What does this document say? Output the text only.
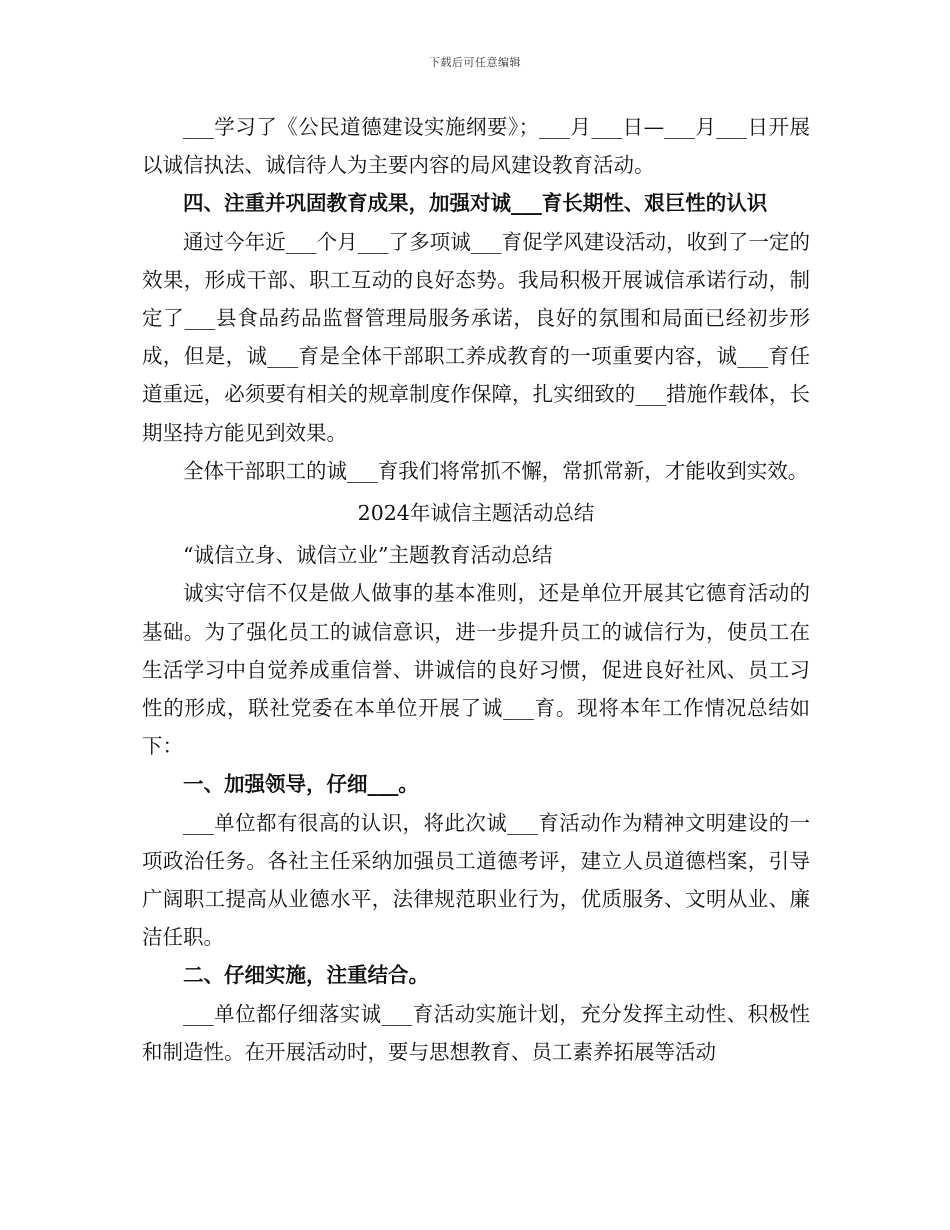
下载后可任意编辑

___学习了《公民道德建设实施纲要》；___月___日—___月___日开展以诚信执法、诚信待人为主要内容的局风建设教育活动。

四、注重并巩固教育成果，加强对诚___育长期性、艰巨性的认识

通过今年近___个月___了多项诚___育促学风建设活动，收到了一定的效果，形成干部、职工互动的良好态势。我局积极开展诚信承诺行动，制定了___县食品药品监督管理局服务承诺，良好的氛围和局面已经初步形成，但是，诚___育是全体干部职工养成教育的一项重要内容，诚___育任道重远，必须要有相关的规章制度作保障，扎实细致的___措施作载体，长期坚持方能见到效果。

全体干部职工的诚___育我们将常抓不懈，常抓常新，才能收到实效。

2024年诚信主题活动总结

“诚信立身、诚信立业”主题教育活动总结

诚实守信不仅是做人做事的基本准则，还是单位开展其它德育活动的基础。为了强化员工的诚信意识，进一步提升员工的诚信行为，使员工在生活学习中自觉养成重信誉、讲诚信的良好习惯，促进良好社风、员工习性的形成，联社党委在本单位开展了诚___育。现将本年工作情况总结如下：

一、加强领导，仔细___。

___单位都有很高的认识，将此次诚___育活动作为精神文明建设的一项政治任务。各社主任采纳加强员工道德考评，建立人员道德档案，引导广阔职工提高从业德水平，法律规范职业行为，优质服务、文明从业、廉洁任职。

二、仔细实施，注重结合。

___单位都仔细落实诚___育活动实施计划，充分发挥主动性、积极性和制造性。在开展活动时，要与思想教育、员工素养拓展等活动
